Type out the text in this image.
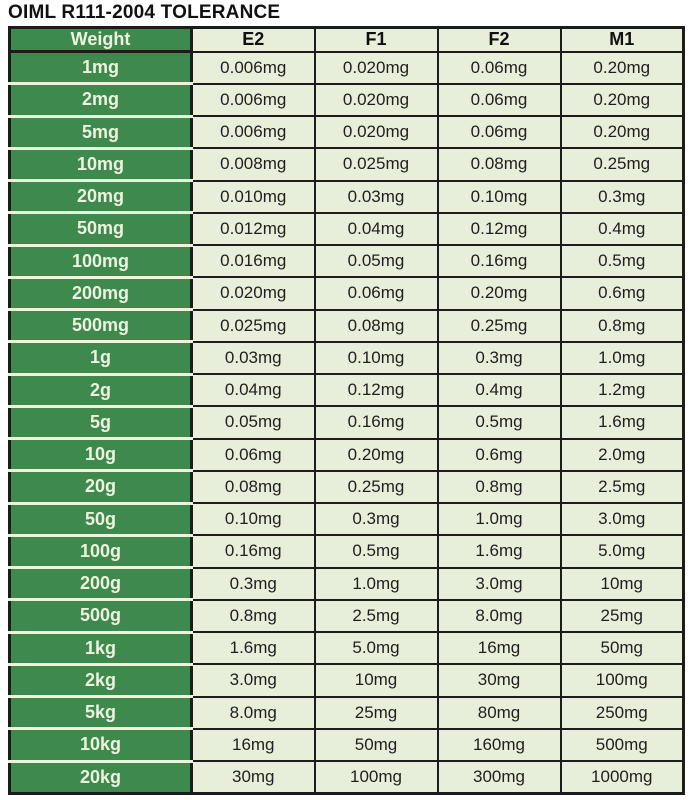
OIML R111-2004 TOLERANCE
Weight	E2	F1	F2	M1
1mg	0.006mg	0.020mg	0.06mg	0.20mg
2mg	0.006mg	0.020mg	0.06mg	0.20mg
5mg	0.006mg	0.020mg	0.06mg	0.20mg
10mg	0.008mg	0.025mg	0.08mg	0.25mg
20mg	0.010mg	0.03mg	0.10mg	0.3mg
50mg	0.012mg	0.04mg	0.12mg	0.4mg
100mg	0.016mg	0.05mg	0.16mg	0.5mg
200mg	0.020mg	0.06mg	0.20mg	0.6mg
500mg	0.025mg	0.08mg	0.25mg	0.8mg
1g	0.03mg	0.10mg	0.3mg	1.0mg
2g	0.04mg	0.12mg	0.4mg	1.2mg
5g	0.05mg	0.16mg	0.5mg	1.6mg
10g	0.06mg	0.20mg	0.6mg	2.0mg
20g	0.08mg	0.25mg	0.8mg	2.5mg
50g	0.10mg	0.3mg	1.0mg	3.0mg
100g	0.16mg	0.5mg	1.6mg	5.0mg
200g	0.3mg	1.0mg	3.0mg	10mg
500g	0.8mg	2.5mg	8.0mg	25mg
1kg	1.6mg	5.0mg	16mg	50mg
2kg	3.0mg	10mg	30mg	100mg
5kg	8.0mg	25mg	80mg	250mg
10kg	16mg	50mg	160mg	500mg
20kg	30mg	100mg	300mg	1000mg
